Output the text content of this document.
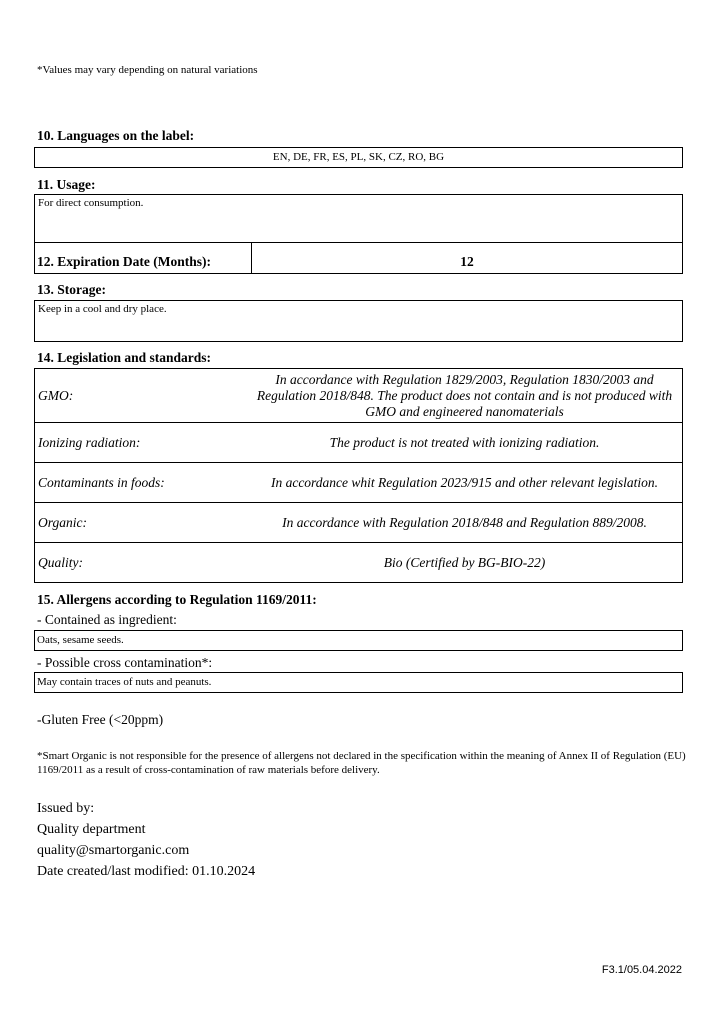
*Values may vary depending on natural variations
10. Languages on the label:
EN, DE, FR, ES, PL, SK, CZ, RO, BG
11. Usage:
For direct consumption.
12. Expiration Date (Months):	12
13. Storage:
Keep in a cool and dry place.
14. Legislation and standards:
GMO:
In accordance with Regulation 1829/2003, Regulation 1830/2003 and Regulation 2018/848. The product does not contain and is not produced with GMO and engineered nanomaterials
Ionizing radiation:	The product is not treated with ionizing radiation.
Contaminants in foods:	In accordance whit Regulation 2023/915 and other relevant legislation.
Organic:	In accordance with Regulation 2018/848 and Regulation 889/2008.
Quality:	Bio (Certified by BG-BIO-22)
15. Allergens according to Regulation 1169/2011:
- Contained as ingredient:
Oats, sesame seeds.
- Possible cross contamination*:
May contain traces of nuts and peanuts.
-Gluten Free (<20ppm)
*Smart Organic is not responsible for the presence of allergens not declared in the specification within the meaning of Annex II of Regulation (EU) 1169/2011 as a result of cross-contamination of raw materials before delivery.
Issued by:
Quality department
quality@smartorganic.com
Date created/last modified: 01.10.2024
F3.1/05.04.2022
